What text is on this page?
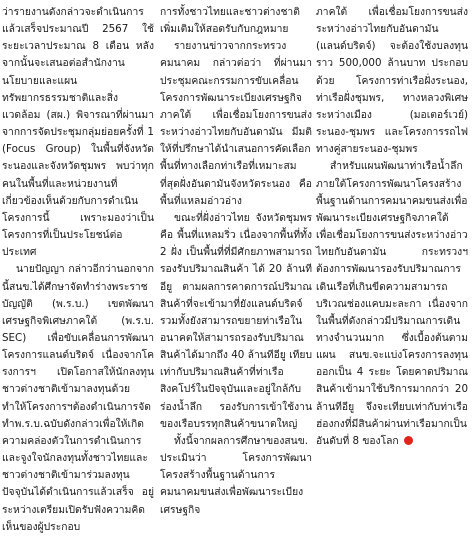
ว่ารายงานดังกล่าวจะดำเนินการแล้วเสร็จประมาณปี 2567 ใช้ระยะเวลาประมาณ 8 เดือน หลังจากนั้นจะเสนอต่อสำนักงานนโยบายและแผนทรัพยากรธรรมชาติและสิ่งแวดล้อม (สผ.) พิจารณาที่ผ่านมาจากการจัดประชุมกลุ่มย่อยครั้งที่ 1 (Focus Group) ในพื้นที่จังหวัดระนองและจังหวัดชุมพร พบว่าทุกคนในพื้นที่และหน่วยงานที่เกี่ยวข้องเห็นด้วยกับการดำเนินโครงการนี้ เพราะมองว่าเป็นโครงการที่เป็นประโยชน์ต่อประเทศ

นายปัญญา กล่าวอีกว่านอกจากนี้สนข.ได้ศึกษาจัดทำร่างพระราชบัญญัติ (พ.ร.บ.) เขตพัฒนาเศรษฐกิจพิเศษภาคใต้ (พ.ร.บ. SEC) เพื่อขับเคลื่อนการพัฒนาโครงการแลนด์บริดจ์ เนื่องจากโครงการฯ เปิดโอกาสให้นักลงทุนชาวต่างชาติเข้ามาลงทุนด้วย ทำให้โครงการฯต้องดำเนินการจัดทำพ.ร.บ.ฉบับดังกล่าวเพื่อให้เกิดความคล่องตัวในการดำเนินการและจูงใจนักลงทุนทั้งชาวไทยและชาวต่างชาติเข้ามาร่วมลงทุน ปัจจุบันได้ดำเนินการแล้วเสร็จ อยู่ระหว่างเตรียมเปิดรับฟังความคิดเห็นของผู้ประกอบ

การทั้งชาวไทยและชาวต่างชาติเพิ่มเติมให้สอดรับกับกฎหมาย

รายงานข่าวจากกระทรวงคมนาคม กล่าวต่อว่า ที่ผ่านมาประชุมคณะกรรมการขับเคลื่อนโครงการพัฒนาระเบียงเศรษฐกิจภาคใต้ เพื่อเชื่อมโยงการขนส่งระหว่างอ่าวไทยกับอันดามัน มีมติให้ที่ปรึกษาได้นำเสนอการคัดเลือกพื้นที่ทางเลือกท่าเรือที่เหมาะสมที่สุดฝั่งอันดามันจังหวัดระนอง คือ พื้นที่แหลมอ่าวอ่าง

ขณะที่ฝั่งอ่าวไทย จังหวัดชุมพร คือ พื้นที่แหลมริ่ว เนื่องจากพื้นที่ทั้ง 2 ฝั่ง เป็นพื้นที่ที่มีศักยภาพสามารถรองรับปริมาณสินค้า ได้ 20 ล้านทีอียู ตามผลการคาดการณ์ปริมาณสินค้าที่จะเข้ามาที่ยังแลนด์บริดจ์ รวมทั้งยังสามารถขยายท่าเรือในอนาคตให้สามารถรองรับปริมาณสินค้าได้มากถึง 40 ล้านทีอียู เทียบเท่ากับปริมาณสินค้าที่ท่าเรือสิงคโปร์ในปัจจุบันและอยู่ใกล้กับร่องน้ำลึก รองรับการเข้าใช้งานของเรือบรรทุกสินค้าขนาดใหญ่

ทั้งนี้จากผลการศึกษาของสนข. ประเมินว่า โครงการพัฒนาโครงสร้างพื้นฐานด้านการคมนาคมขนส่งเพื่อพัฒนาระเบียงเศรษฐกิจ

ภาคใต้ เพื่อเชื่อมโยงการขนส่งระหว่างอ่าวไทยกับอันดามัน (แลนด์บริดจ์) จะต้องใช้งบลงทุนราว 500,000 ล้านบาท ประกอบด้วย โครงการท่าเรือฝั่งระนอง, ท่าเรือฝั่งชุมพร, ทางหลวงพิเศษระหว่างเมือง (มอเตอร์เวย์) ระนอง-ชุมพร และโครงการรถไฟทางคู่สายระนอง-ชุมพร

สำหรับแผนพัฒนาท่าเรือน้ำลึกภายใต้โครงการพัฒนาโครงสร้างพื้นฐานด้านการคมนาคมขนส่งเพื่อพัฒนาระเบียงเศรษฐกิจภาคใต้ เพื่อเชื่อมโยงการขนส่งระหว่างอ่าวไทยกับอันดามัน กระทรวงฯ ต้องการพัฒนารองรับปริมาณการเดินเรือที่เกินขีดความสามารถบริเวณช่องแคบมะละกา เนื่องจากในพื้นที่ดังกล่าวมีปริมาณการเดินทางจำนวนมาก ซึ่งเบื้องต้นตามแผน สนข.จะแบ่งโครงการลงทุนออกเป็น 4 ระยะ โดยคาดปริมาณสินค้าเข้ามาใช้บริการมากกว่า 20 ล้านทีอียู จึงจะเทียบเท่ากับท่าเรือฮ่องกงที่มีสินค้าผ่านท่าเรือมากเป็นอันดับที่ 8 ของโลก
